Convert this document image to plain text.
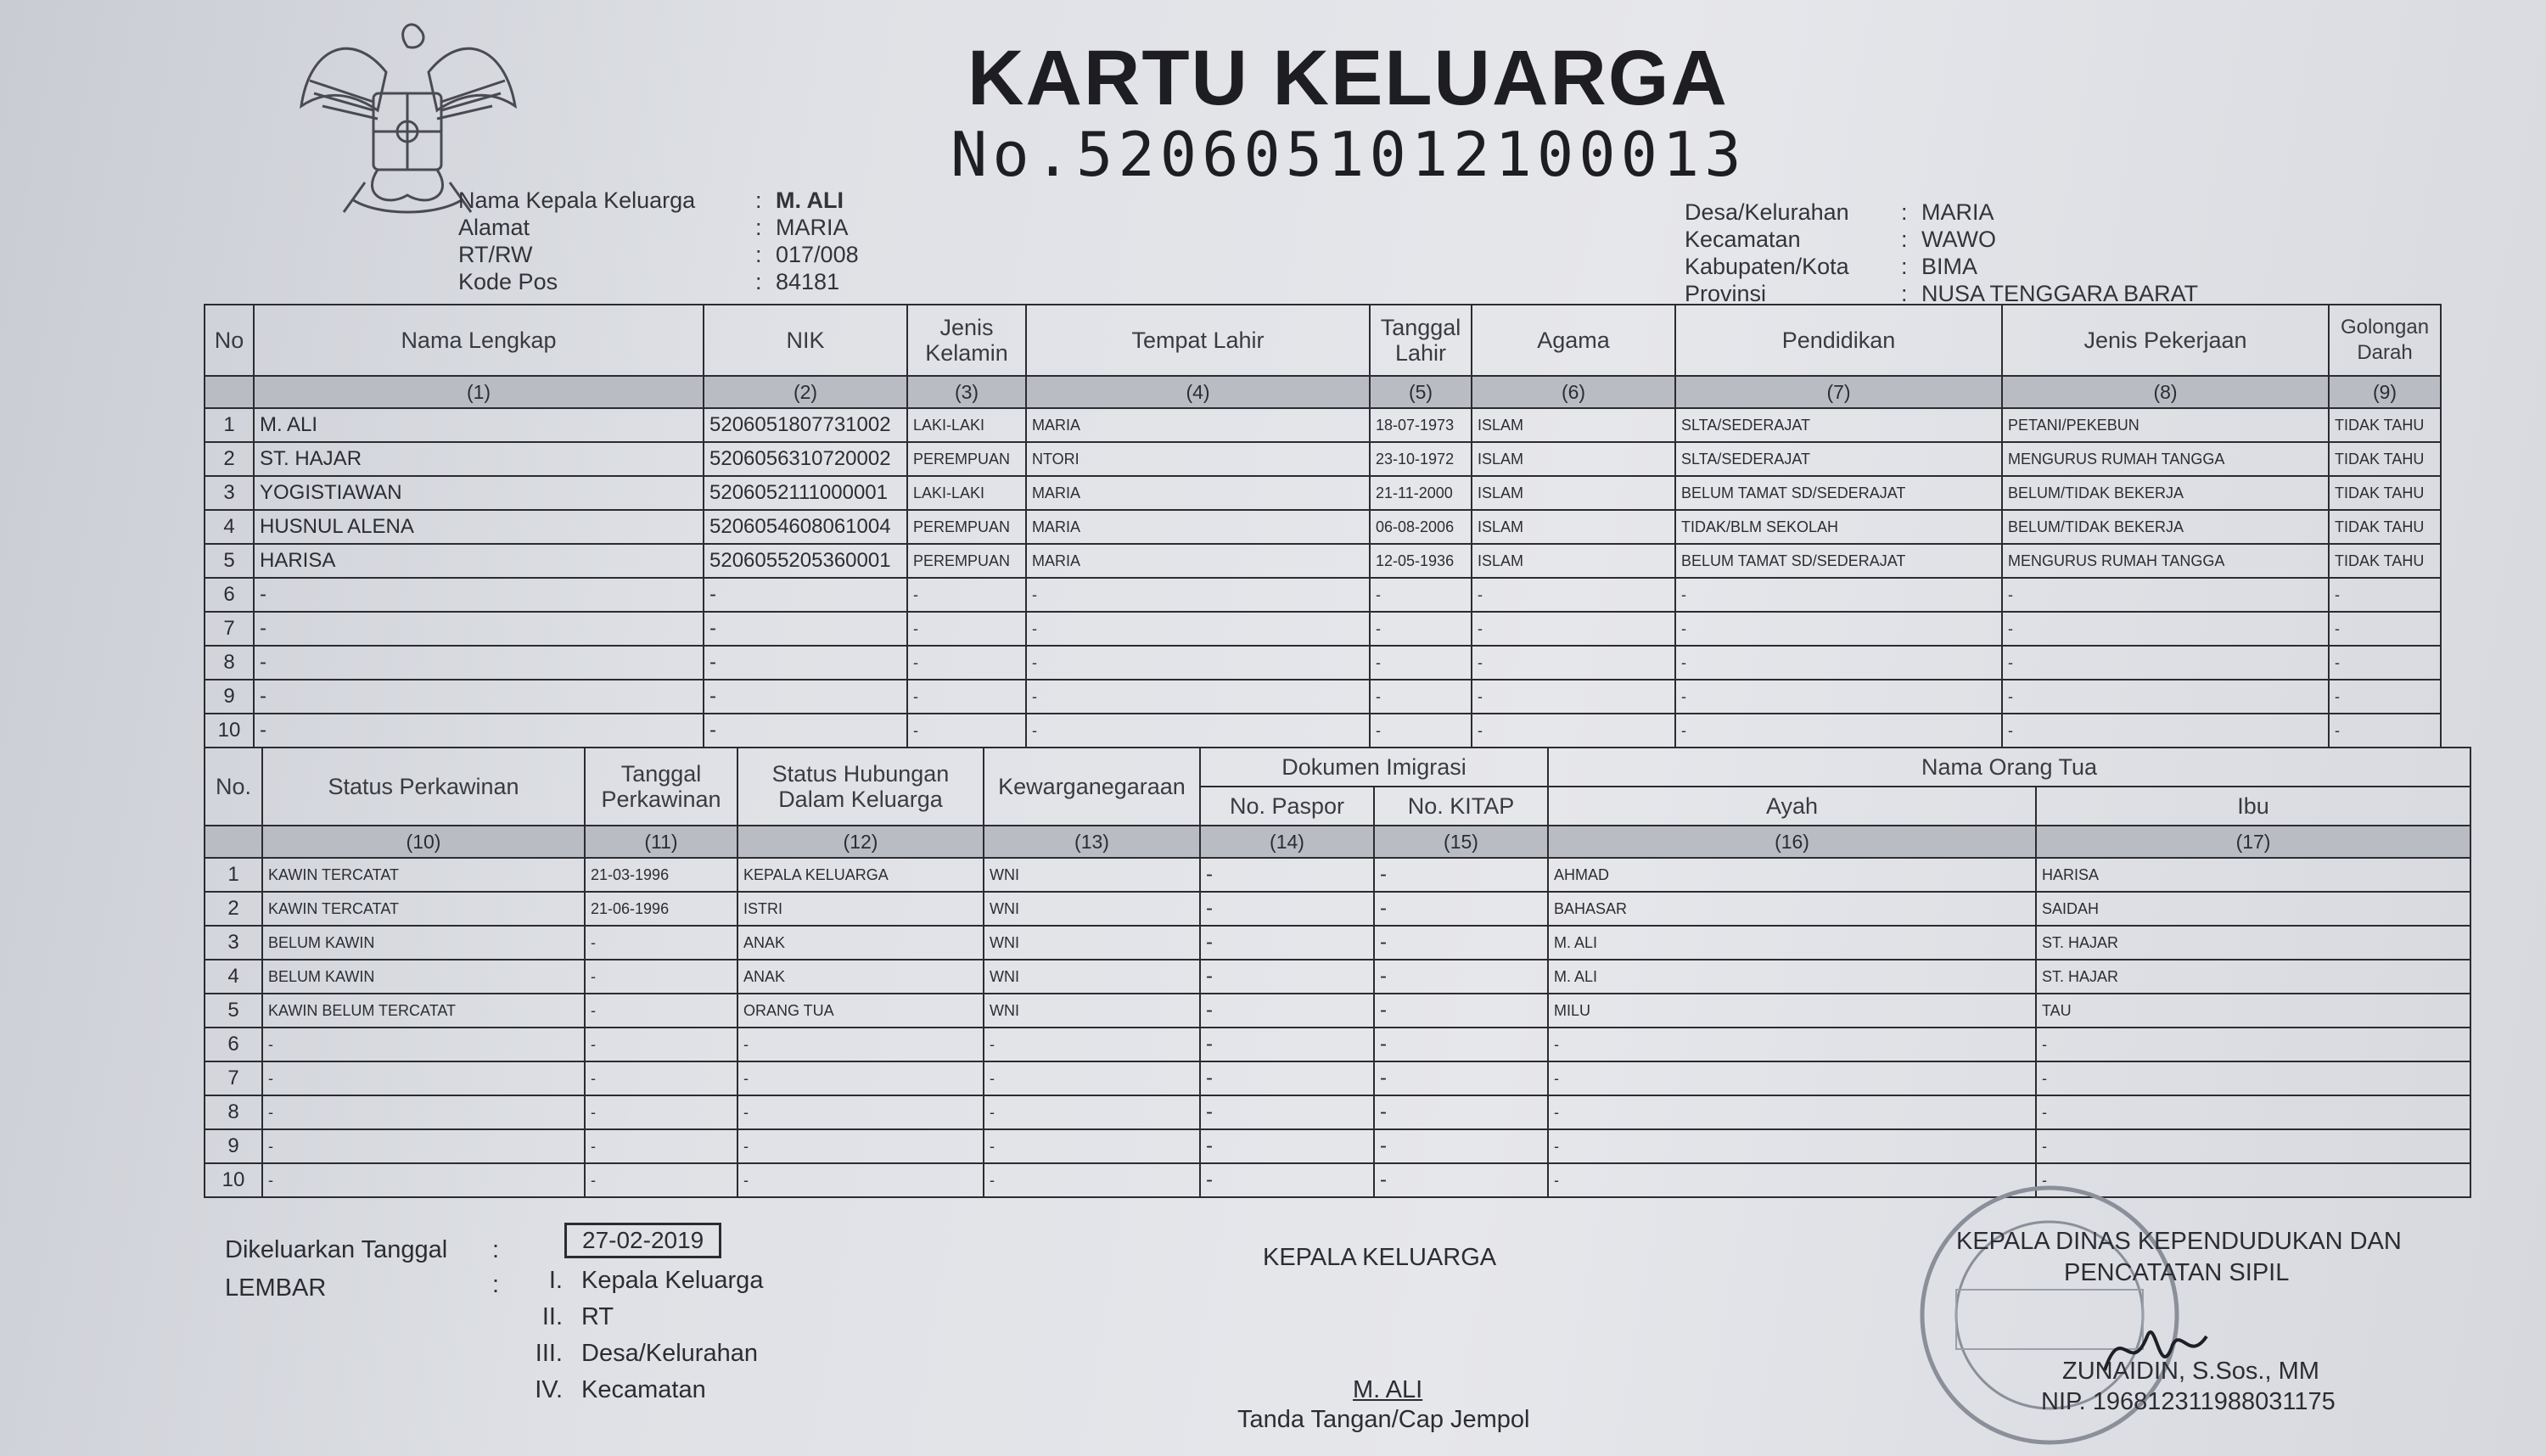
KARTU KELUARGA
No.5206051012100013
Nama Kepala Keluarga	: M. ALI
Alamat	: MARIA
RT/RW	: 017/008
Kode Pos	: 84181
Desa/Kelurahan	: MARIA
Kecamatan	: WAWO
Kabupaten/Kota	: BIMA
Provinsi	: NUSA TENGGARA BARAT
No	Nama Lengkap	NIK	Jenis Kelamin	Tempat Lahir	Tanggal Lahir	Agama	Pendidikan	Jenis Pekerjaan	Golongan Darah
	(1)	(2)	(3)	(4)	(5)	(6)	(7)	(8)	(9)
1	M. ALI	5206051807731002	LAKI-LAKI	MARIA	18-07-1973	ISLAM	SLTA/SEDERAJAT	PETANI/PEKEBUN	TIDAK TAHU
2	ST. HAJAR	5206056310720002	PEREMPUAN	NTORI	23-10-1972	ISLAM	SLTA/SEDERAJAT	MENGURUS RUMAH TANGGA	TIDAK TAHU
3	YOGISTIAWAN	5206052111000001	LAKI-LAKI	MARIA	21-11-2000	ISLAM	BELUM TAMAT SD/SEDERAJAT	BELUM/TIDAK BEKERJA	TIDAK TAHU
4	HUSNUL ALENA	5206054608061004	PEREMPUAN	MARIA	06-08-2006	ISLAM	TIDAK/BLM SEKOLAH	BELUM/TIDAK BEKERJA	TIDAK TAHU
5	HARISA	5206055205360001	PEREMPUAN	MARIA	12-05-1936	ISLAM	BELUM TAMAT SD/SEDERAJAT	MENGURUS RUMAH TANGGA	TIDAK TAHU
6	-	-	-	-	-	-	-	-	-
7	-	-	-	-	-	-	-	-	-
8	-	-	-	-	-	-	-	-	-
9	-	-	-	-	-	-	-	-	-
10	-	-	-	-	-	-	-	-	-
No.	Status Perkawinan	Tanggal Perkawinan	Status Hubungan Dalam Keluarga	Kewarganegaraan	Dokumen Imigrasi		Nama Orang Tua	
					No. Paspor	No. KITAP	Ayah	Ibu
	(10)	(11)	(12)	(13)	(14)	(15)	(16)	(17)
1	KAWIN TERCATAT	21-03-1996	KEPALA KELUARGA	WNI	-	-	AHMAD	HARISA
2	KAWIN TERCATAT	21-06-1996	ISTRI	WNI	-	-	BAHASAR	SAIDAH
3	BELUM KAWIN	-	ANAK	WNI	-	-	M. ALI	ST. HAJAR
4	BELUM KAWIN	-	ANAK	WNI	-	-	M. ALI	ST. HAJAR
5	KAWIN BELUM TERCATAT	-	ORANG TUA	WNI	-	-	MILU	TAU
6	-	-	-	-	-	-	-	-
7	-	-	-	-	-	-	-	-
8	-	-	-	-	-	-	-	-
9	-	-	-	-	-	-	-	-
10	-	-	-	-	-	-	-	-
Dikeluarkan Tanggal :	27-02-2019
LEMBAR	:	I. Kepala Keluarga
II. RT
III. Desa/Kelurahan
IV. Kecamatan
KEPALA KELUARGA
M. ALI
Tanda Tangan/Cap Jempol
KEPALA DINAS KEPENDUDUKAN DAN
PENCATATAN SIPIL
ZUNAIDIN, S.Sos., MM
NIP. 196812311988031175
